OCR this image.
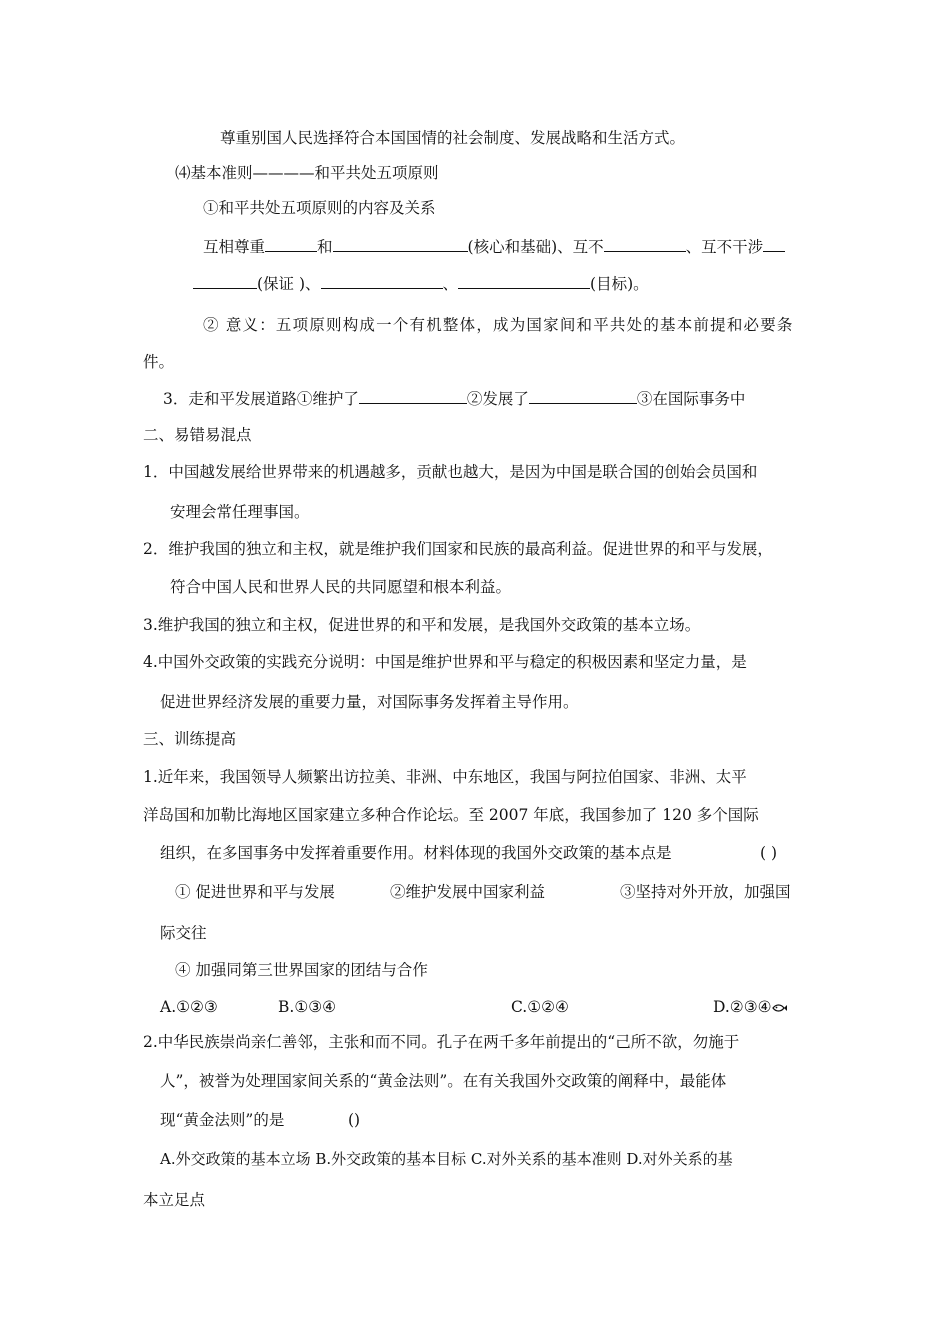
尊重别国人民选择符合本国国情的社会制度、发展战略和生活方式。
⑷基本准则————和平共处五项原则
①和平共处五项原则的内容及关系
互相尊重	和	(核心和基础)、互不	、互不干涉
(保证 )、	、	(目标)。
② 意义：五项原则构成一个有机整体，成为国家间和平共处的基本前提和必要条
件。
3．走和平发展道路①维护了	②发展了	③在国际事务中
二、易错易混点
1．中国越发展给世界带来的机遇越多，贡献也越大，是因为中国是联合国的创始会员国和
安理会常任理事国。
2．维护我国的独立和主权，就是维护我们国家和民族的最高利益。促进世界的和平与发展，
符合中国人民和世界人民的共同愿望和根本利益。
3.维护我国的独立和主权，促进世界的和平和发展，是我国外交政策的基本立场。
4.中国外交政策的实践充分说明：中国是维护世界和平与稳定的积极因素和坚定力量，是
促进世界经济发展的重要力量，对国际事务发挥着主导作用。
三、训练提高
1.近年来，我国领导人频繁出访拉美、非洲、中东地区，我国与阿拉伯国家、非洲、太平
洋岛国和加勒比海地区国家建立多种合作论坛。至 2007 年底，我国参加了 120 多个国际
组织，在多国事务中发挥着重要作用。材料体现的我国外交政策的基本点是	( )
① 促进世界和平与发展	②维护发展中国家利益	③坚持对外开放，加强国
际交往
④ 加强同第三世界国家的团结与合作
A.①②③	B.①③④	C.①②④	D.②③④
2.中华民族崇尚亲仁善邻，主张和而不同。孔子在两千多年前提出的“己所不欲，勿施于
人”，被誉为处理国家间关系的“黄金法则”。在有关我国外交政策的阐释中，最能体
现“黄金法则”的是	()
A.外交政策的基本立场 B.外交政策的基本目标 C.对外关系的基本准则 D.对外关系的基
本立足点
